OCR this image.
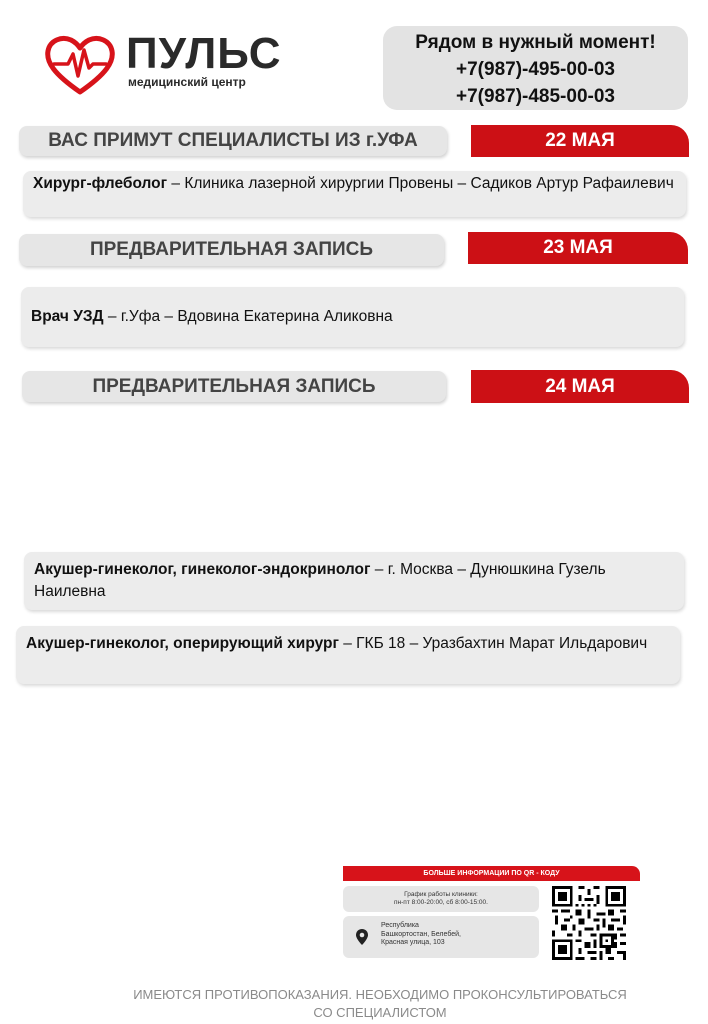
ПУЛЬС
медицинский центр
Рядом в нужный момент!
+7(987)-495-00-03
+7(987)-485-00-03
ВАС ПРИМУТ СПЕЦИАЛИСТЫ ИЗ г.УФА	22 МАЯ
Хирург-флеболог – Клиника лазерной хирургии Провены – Садиков Артур Рафаилевич
ПРЕДВАРИТЕЛЬНАЯ ЗАПИСЬ	23 МАЯ
Врач УЗД – г.Уфа – Вдовина Екатерина Аликовна
ПРЕДВАРИТЕЛЬНАЯ ЗАПИСЬ	24 МАЯ
Акушер-гинеколог, гинеколог-эндокринолог – г. Москва – Дунюшкина Гузель Наилевна
Акушер-гинеколог, оперирующий хирург – ГКБ 18 – Уразбахтин Марат Ильдарович
БОЛЬШЕ ИНФОРМАЦИИ ПО QR - КОДУ
График работы клиники:
пн-пт 8:00-20:00, сб 8:00-15:00.
Республика
Башкортостан, Белебей,
Красная улица, 103
ИМЕЮТСЯ ПРОТИВОПОКАЗАНИЯ. НЕОБХОДИМО ПРОКОНСУЛЬТИРОВАТЬСЯ
СО СПЕЦИАЛИСТОМ
